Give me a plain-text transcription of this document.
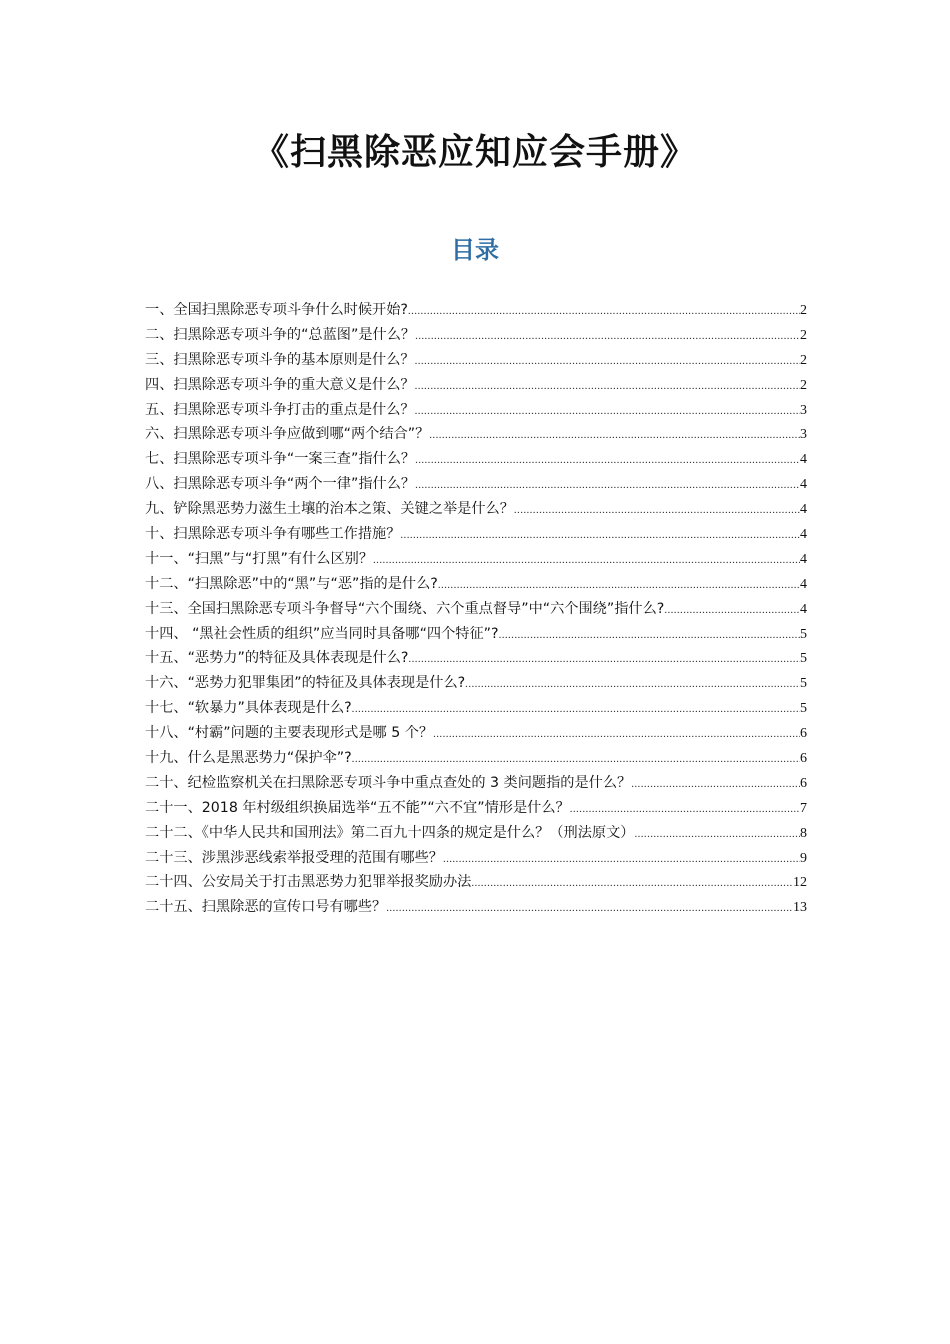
《扫黑除恶应知应会手册》
目录
一、全国扫黑除恶专项斗争什么时候开始? .....	2
二、扫黑除恶专项斗争的“总蓝图”是什么？ .....	2
三、扫黑除恶专项斗争的基本原则是什么？ .....	2
四、扫黑除恶专项斗争的重大意义是什么？ .....	2
五、扫黑除恶专项斗争打击的重点是什么？ .....	3
六、扫黑除恶专项斗争应做到哪“两个结合”？ .....	3
七、扫黑除恶专项斗争“一案三查”指什么？ .....	4
八、扫黑除恶专项斗争“两个一律”指什么？ .....	4
九、铲除黑恶势力滋生土壤的治本之策、关键之举是什么？ .....	4
十、扫黑除恶专项斗争有哪些工作措施？ .....	4
十一、“扫黑”与“打黑”有什么区别？ .....	4
十二、“扫黑除恶”中的“黑”与“恶”指的是什么? .....	4
十三、全国扫黑除恶专项斗争督导“六个围绕、六个重点督导”中“六个围绕”指什么? .....	4
十四、 “黑社会性质的组织”应当同时具备哪“四个特征”? .....	5
十五、“恶势力”的特征及具体表现是什么? .....	5
十六、“恶势力犯罪集团”的特征及具体表现是什么? .....	5
十七、“软暴力”具体表现是什么? .....	5
十八、“村霸”问题的主要表现形式是哪 5 个？ .....	6
十九、什么是黑恶势力“保护伞”? .....	6
二十、纪检监察机关在扫黑除恶专项斗争中重点查处的 3 类问题指的是什么？ .....	6
二十一、2018 年村级组织换届选举“五不能”“六不宜”情形是什么？ .....	7
二十二、《中华人民共和国刑法》第二百九十四条的规定是什么？（刑法原文） .....	8
二十三、涉黑涉恶线索举报受理的范围有哪些？ .....	9
二十四、公安局关于打击黑恶势力犯罪举报奖励办法 .....	12
二十五、扫黑除恶的宣传口号有哪些？ .....	13
